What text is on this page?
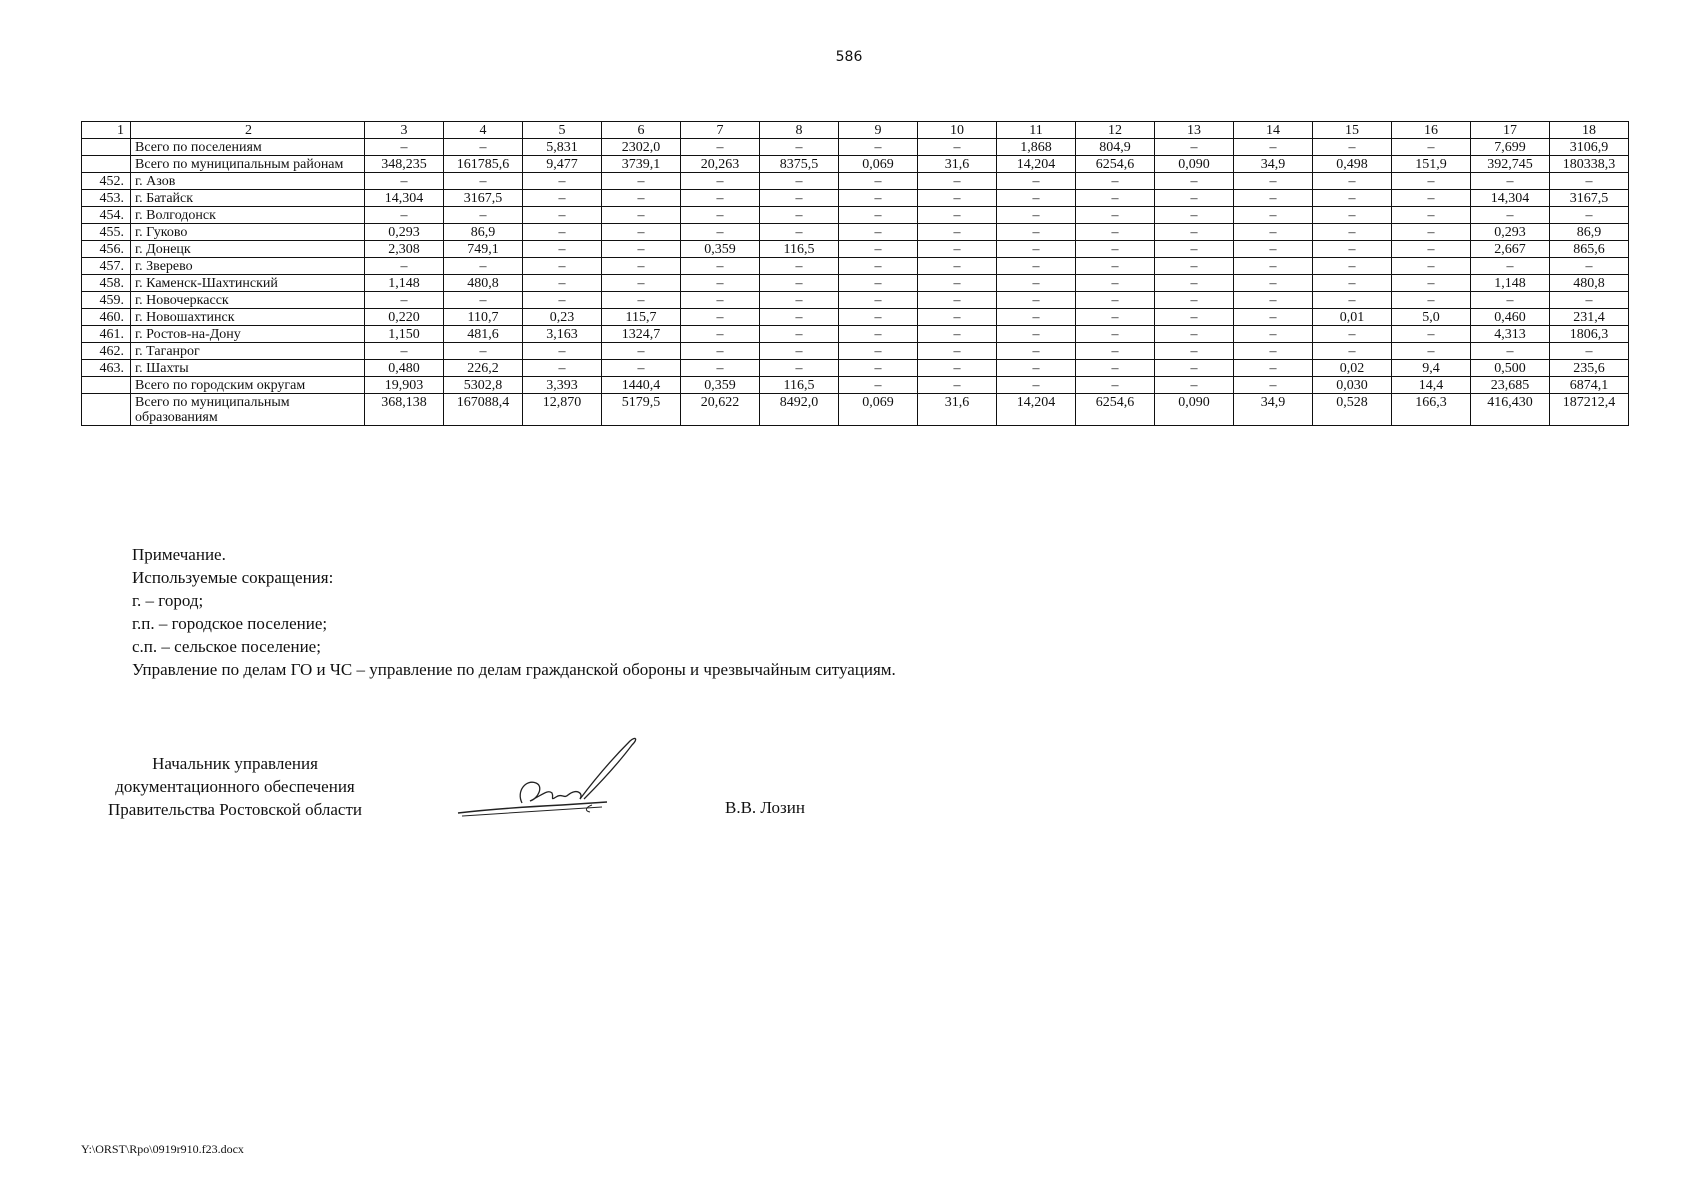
586
1	2	3	4	5	6	7	8	9	10	11	12	13	14	15	16	17	18
	Всего по поселениям	–	–	5,831	2302,0	–	–	–	–	1,868	804,9	–	–	–	–	7,699	3106,9
	Всего по муниципальным районам	348,235	161785,6	9,477	3739,1	20,263	8375,5	0,069	31,6	14,204	6254,6	0,090	34,9	0,498	151,9	392,745	180338,3
452.	г. Азов	–	–	–	–	–	–	–	–	–	–	–	–	–	–	–	–
453.	г. Батайск	14,304	3167,5	–	–	–	–	–	–	–	–	–	–	–	–	14,304	3167,5
454.	г. Волгодонск	–	–	–	–	–	–	–	–	–	–	–	–	–	–	–	–
455.	г. Гуково	0,293	86,9	–	–	–	–	–	–	–	–	–	–	–	–	0,293	86,9
456.	г. Донецк	2,308	749,1	–	–	0,359	116,5	–	–	–	–	–	–	–	–	2,667	865,6
457.	г. Зверево	–	–	–	–	–	–	–	–	–	–	–	–	–	–	–	–
458.	г. Каменск-Шахтинский	1,148	480,8	–	–	–	–	–	–	–	–	–	–	–	–	1,148	480,8
459.	г. Новочеркасск	–	–	–	–	–	–	–	–	–	–	–	–	–	–	–	–
460.	г. Новошахтинск	0,220	110,7	0,23	115,7	–	–	–	–	–	–	–	–	0,01	5,0	0,460	231,4
461.	г. Ростов-на-Дону	1,150	481,6	3,163	1324,7	–	–	–	–	–	–	–	–	–	–	4,313	1806,3
462.	г. Таганрог	–	–	–	–	–	–	–	–	–	–	–	–	–	–	–	–
463.	г. Шахты	0,480	226,2	–	–	–	–	–	–	–	–	–	–	0,02	9,4	0,500	235,6
	Всего по городским округам	19,903	5302,8	3,393	1440,4	0,359	116,5	–	–	–	–	–	–	0,030	14,4	23,685	6874,1
	Всего по муниципальным образованиям	368,138	167088,4	12,870	5179,5	20,622	8492,0	0,069	31,6	14,204	6254,6	0,090	34,9	0,528	166,3	416,430	187212,4
Примечание.
Используемые сокращения:
г. – город;
г.п. – городское поселение;
с.п. – сельское поселение;
Управление по делам ГО и ЧС – управление по делам гражданской обороны и чрезвычайным ситуациям.
Начальник управления
документационного обеспечения
Правительства Ростовской области	В.В. Лозин
Y:\ORST\Rpo\0919r910.f23.docx
